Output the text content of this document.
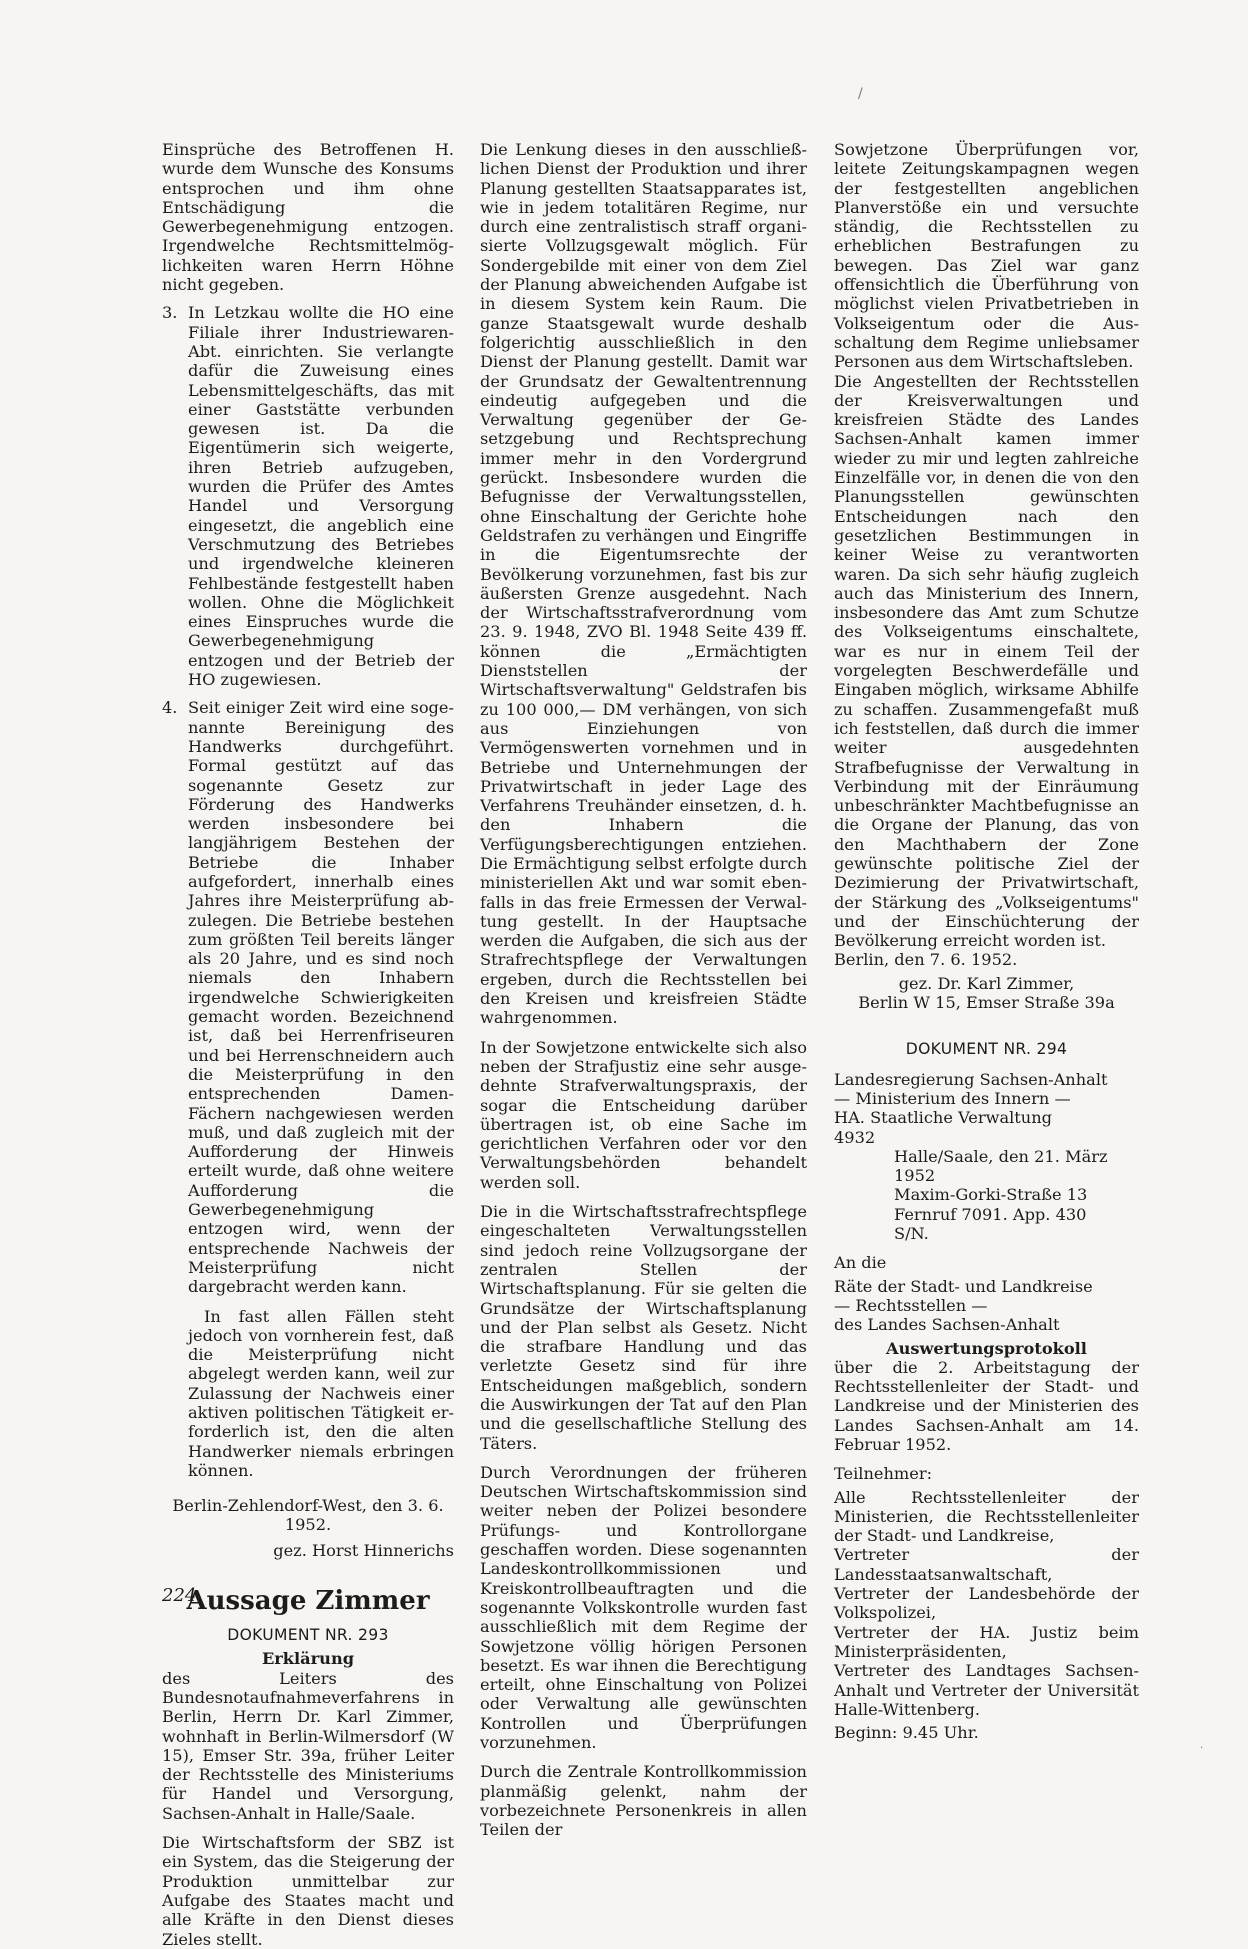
/

Einsprüche des Betroffenen H. wurde dem Wunsche des Konsums entsprochen und ihm ohne Entschädigung die Gewerbegenehmigung entzogen. Irgendwelche Rechtsmittelmöglichkeiten waren Herrn Höhne nicht gegeben.

3. In Letzkau wollte die HO eine Filiale ihrer Industriewaren-Abt. einrichten. Sie verlangte dafür die Zuweisung eines Lebensmittelgeschäfts, das mit einer Gaststätte verbunden gewesen ist. Da die Eigentümerin sich weigerte, ihren Betrieb aufzugeben, wurden die Prüfer des Amtes Handel und Versorgung eingesetzt, die angeblich eine Verschmutzung des Betriebes und irgendwelche kleineren Fehlbestände festgestellt haben wollen. Ohne die Möglichkeit eines Einspruches wurde die Gewerbegenehmigung entzogen und der Betrieb der HO zugewiesen.

4. Seit einiger Zeit wird eine sogenannte Bereinigung des Handwerks durchgeführt. Formal gestützt auf das sogenannte Gesetz zur Förderung des Handwerks werden insbesondere bei langjährigem Bestehen der Betriebe die Inhaber aufgefordert, innerhalb eines Jahres ihre Meisterprüfung abzulegen. Die Betriebe bestehen zum größten Teil bereits länger als 20 Jahre, und es sind noch niemals den Inhabern irgendwelche Schwierigkeiten gemacht worden. Bezeichnend ist, daß bei Herrenfriseuren und bei Herrenschneidern auch die Meisterprüfung in den entsprechenden Damen-Fächern nachgewiesen werden muß, und daß zugleich mit der Aufforderung der Hinweis erteilt wurde, daß ohne weitere Aufforderung die Gewerbegenehmigung entzogen wird, wenn der entsprechende Nachweis der Meisterprüfung nicht dargebracht werden kann.

In fast allen Fällen steht jedoch von vornherein fest, daß die Meisterprüfung nicht abgelegt werden kann, weil zur Zulassung der Nachweis einer aktiven politischen Tätigkeit erforderlich ist, den die alten Handwerker niemals erbringen können.

Berlin-Zehlendorf-West, den 3. 6. 1952.

gez. Horst Hinnerichs

Aussage Zimmer

DOKUMENT NR. 293

Erklärung

des Leiters des Bundesnotaufnahmeverfahrens in Berlin, Herrn Dr. Karl Zimmer, wohnhaft in Berlin-Wilmersdorf (W 15), Emser Str. 39a, früher Leiter der Rechtsstelle des Ministeriums für Handel und Versorgung, Sachsen-Anhalt in Halle/Saale.

Die Wirtschaftsform der SBZ ist ein System, das die Steigerung der Produktion unmittelbar zur Aufgabe des Staates macht und alle Kräfte in den Dienst dieses Zieles stellt.

Die Lenkung dieses in den ausschließlichen Dienst der Produktion und ihrer Planung gestellten Staatsapparates ist, wie in jedem totalitären Regime, nur durch eine zentralistisch straff organisierte Vollzugsgewalt möglich. Für Sondergebilde mit einer von dem Ziel der Planung abweichenden Aufgabe ist in diesem System kein Raum. Die ganze Staatsgewalt wurde deshalb folgerichtig ausschließlich in den Dienst der Planung gestellt. Damit war der Grundsatz der Gewaltentrennung eindeutig aufgegeben und die Verwaltung gegenüber der Gesetzgebung und Rechtsprechung immer mehr in den Vordergrund gerückt. Insbesondere wurden die Befugnisse der Verwaltungsstellen, ohne Einschaltung der Gerichte hohe Geldstrafen zu verhängen und Eingriffe in die Eigentumsrechte der Bevölkerung vorzunehmen, fast bis zur äußersten Grenze ausgedehnt. Nach der Wirtschaftsstrafverordnung vom 23. 9. 1948, ZVO Bl. 1948 Seite 439 ff. können die „Ermächtigten Dienststellen der Wirtschaftsverwaltung" Geldstrafen bis zu 100 000,— DM verhängen, von sich aus Einziehungen von Vermögenswerten vornehmen und in Betriebe und Unternehmungen der Privatwirtschaft in jeder Lage des Verfahrens Treuhänder einsetzen, d. h. den Inhabern die Verfügungsberechtigungen entziehen. Die Ermächtigung selbst erfolgte durch ministeriellen Akt und war somit ebenfalls in das freie Ermessen der Verwaltung gestellt. In der Hauptsache werden die Aufgaben, die sich aus der Strafrechtspflege der Verwaltungen ergeben, durch die Rechtsstellen bei den Kreisen und kreisfreien Städte wahrgenommen.

In der Sowjetzone entwickelte sich also neben der Strafjustiz eine sehr ausgedehnte Strafverwaltungspraxis, der sogar die Entscheidung darüber übertragen ist, ob eine Sache im gerichtlichen Verfahren oder vor den Verwaltungsbehörden behandelt werden soll.

Die in die Wirtschaftsstrafrechtspflege eingeschalteten Verwaltungsstellen sind jedoch reine Vollzugsorgane der zentralen Stellen der Wirtschaftsplanung. Für sie gelten die Grundsätze der Wirtschaftsplanung und der Plan selbst als Gesetz. Nicht die strafbare Handlung und das verletzte Gesetz sind für ihre Entscheidungen maßgeblich, sondern die Auswirkungen der Tat auf den Plan und die gesellschaftliche Stellung des Täters.

Durch Verordnungen der früheren Deutschen Wirtschaftskommission sind weiter neben der Polizei besondere Prüfungs- und Kontrollorgane geschaffen worden. Diese sogenannten Landeskontrollkommissionen und Kreiskontrollbeauftragten und die sogenannte Volkskontrolle wurden fast ausschließlich mit dem Regime der Sowjetzone völlig hörigen Personen besetzt. Es war ihnen die Berechtigung erteilt, ohne Einschaltung von Polizei oder Verwaltung alle gewünschten Kontrollen und Überprüfungen vorzunehmen.

Durch die Zentrale Kontrollkommission planmäßig gelenkt, nahm der vorbezeichnete Personenkreis in allen Teilen der

Sowjetzone Überprüfungen vor, leitete Zeitungskampagnen wegen der festgestellten angeblichen Planverstöße ein und versuchte ständig, die Rechtsstellen zu erheblichen Bestrafungen zu bewegen. Das Ziel war ganz offensichtlich die Überführung von möglichst vielen Privatbetrieben in Volkseigentum oder die Ausschaltung dem Regime unliebsamer Personen aus dem Wirtschaftsleben.

Die Angestellten der Rechtsstellen der Kreisverwaltungen und kreisfreien Städte des Landes Sachsen-Anhalt kamen immer wieder zu mir und legten zahlreiche Einzelfälle vor, in denen die von den Planungsstellen gewünschten Entscheidungen nach den gesetzlichen Bestimmungen in keiner Weise zu verantworten waren. Da sich sehr häufig zugleich auch das Ministerium des Innern, insbesondere das Amt zum Schutze des Volkseigentums einschaltete, war es nur in einem Teil der vorgelegten Beschwerdefälle und Eingaben möglich, wirksame Abhilfe zu schaffen. Zusammengefaßt muß ich feststellen, daß durch die immer weiter ausgedehnten Strafbefugnisse der Verwaltung in Verbindung mit der Einräumung unbeschränkter Machtbefugnisse an die Organe der Planung, das von den Machthabern der Zone gewünschte politische Ziel der Dezimierung der Privatwirtschaft, der Stärkung des „Volkseigentums" und der Einschüchterung der Bevölkerung erreicht worden ist.

Berlin, den 7. 6. 1952.

gez. Dr. Karl Zimmer,

Berlin W 15, Emser Straße 39a

DOKUMENT NR. 294

Landesregierung Sachsen-Anhalt

— Ministerium des Innern —

HA. Staatliche Verwaltung

4932

Halle/Saale, den 21. März 1952

Maxim-Gorki-Straße 13

Fernruf 7091. App. 430

S/N.

An die

Räte der Stadt- und Landkreise

— Rechtsstellen —

des Landes Sachsen-Anhalt

Auswertungsprotokoll

über die 2. Arbeitstagung der Rechtsstellenleiter der Stadt- und Landkreise und der Ministerien des Landes Sachsen-Anhalt am 14. Februar 1952.

Teilnehmer:

Alle Rechtsstellenleiter der Ministerien, die Rechtsstellenleiter der Stadt- und Landkreise,

Vertreter der Landesstaatsanwaltschaft,

Vertreter der Landesbehörde der Volkspolizei,

Vertreter der HA. Justiz beim Ministerpräsidenten,

Vertreter des Landtages Sachsen-Anhalt und Vertreter der Universität Halle-Wittenberg.

Beginn: 9.45 Uhr.

224
.
